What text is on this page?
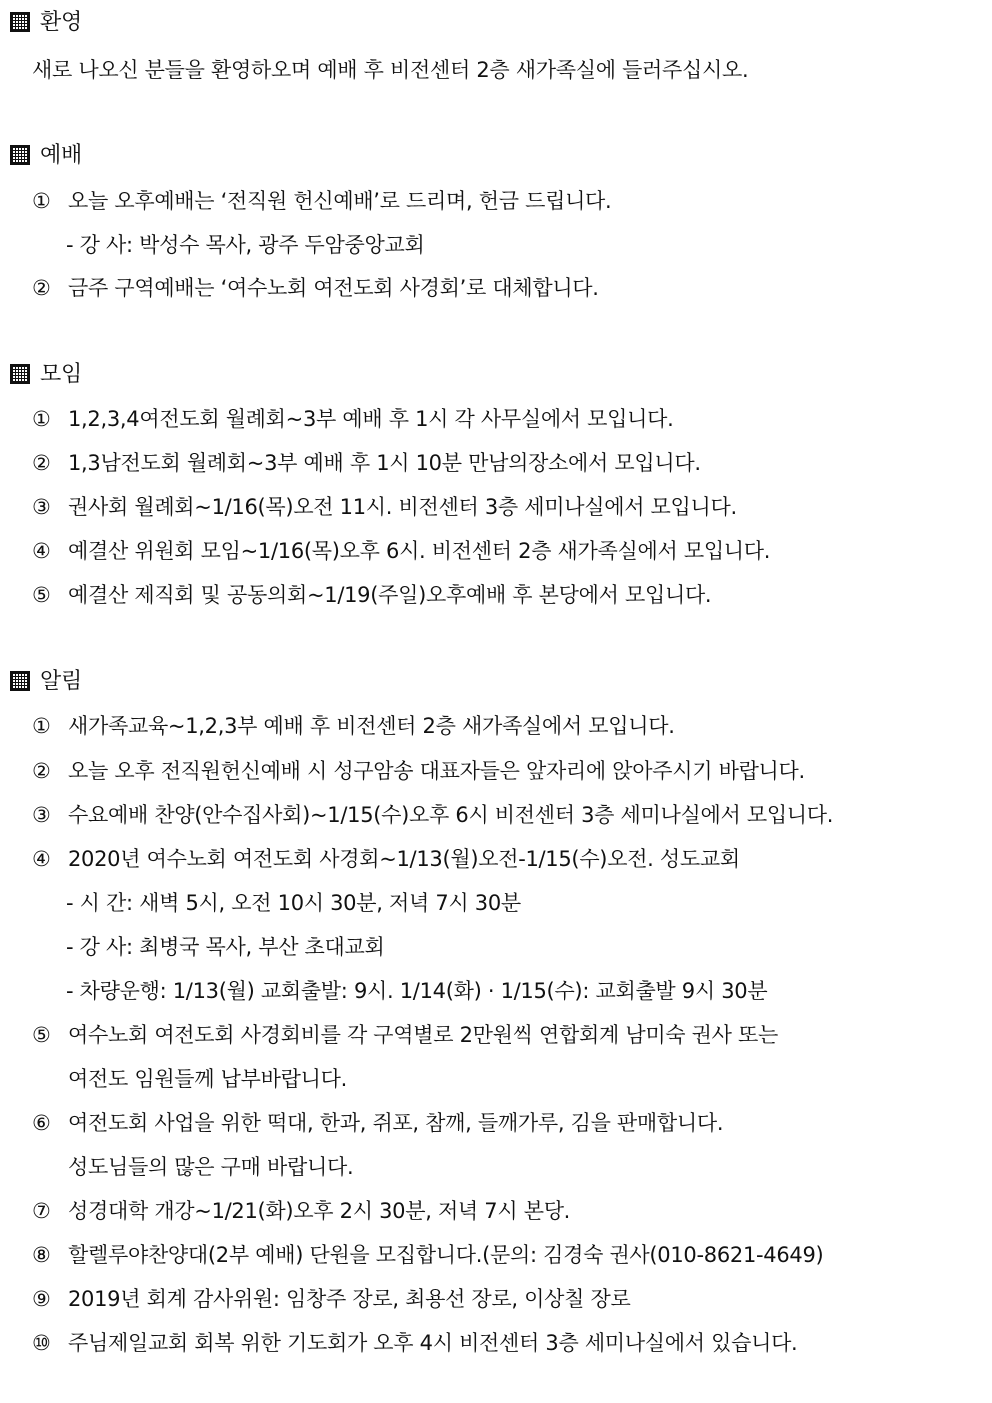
환영
새로 나오신 분들을 환영하오며 예배 후 비전센터 2층 새가족실에 들러주십시오.
예배
① 오늘 오후예배는 ‘전직원 헌신예배’로 드리며, 헌금 드립니다.
- 강 사: 박성수 목사, 광주 두암중앙교회
② 금주 구역예배는 ‘여수노회 여전도회 사경회’로 대체합니다.
모임
① 1,2,3,4여전도회 월례회~3부 예배 후 1시 각 사무실에서 모입니다.
② 1,3남전도회 월례회~3부 예배 후 1시 10분 만남의장소에서 모입니다.
③ 권사회 월례회~1/16(목)오전 11시. 비전센터 3층 세미나실에서 모입니다.
④ 예결산 위원회 모임~1/16(목)오후 6시. 비전센터 2층 새가족실에서 모입니다.
⑤ 예결산 제직회 및 공동의회~1/19(주일)오후예배 후 본당에서 모입니다.
알림
① 새가족교육~1,2,3부 예배 후 비전센터 2층 새가족실에서 모입니다.
② 오늘 오후 전직원헌신예배 시 성구암송 대표자들은 앞자리에 앉아주시기 바랍니다.
③ 수요예배 찬양(안수집사회)~1/15(수)오후 6시 비전센터 3층 세미나실에서 모입니다.
④ 2020년 여수노회 여전도회 사경회~1/13(월)오전-1/15(수)오전. 성도교회
- 시 간: 새벽 5시, 오전 10시 30분, 저녁 7시 30분
- 강 사: 최병국 목사, 부산 초대교회
- 차량운행: 1/13(월) 교회출발: 9시. 1/14(화) · 1/15(수): 교회출발 9시 30분
⑤ 여수노회 여전도회 사경회비를 각 구역별로 2만원씩 연합회계 남미숙 권사 또는
여전도 임원들께 납부바랍니다.
⑥ 여전도회 사업을 위한 떡대, 한과, 쥐포, 참깨, 들깨가루, 김을 판매합니다.
성도님들의 많은 구매 바랍니다.
⑦ 성경대학 개강~1/21(화)오후 2시 30분, 저녁 7시 본당.
⑧ 할렐루야찬양대(2부 예배) 단원을 모집합니다.(문의: 김경숙 권사(010-8621-4649)
⑨ 2019년 회계 감사위원: 임창주 장로, 최용선 장로, 이상칠 장로
⑩ 주님제일교회 회복 위한 기도회가 오후 4시 비전센터 3층 세미나실에서 있습니다.
